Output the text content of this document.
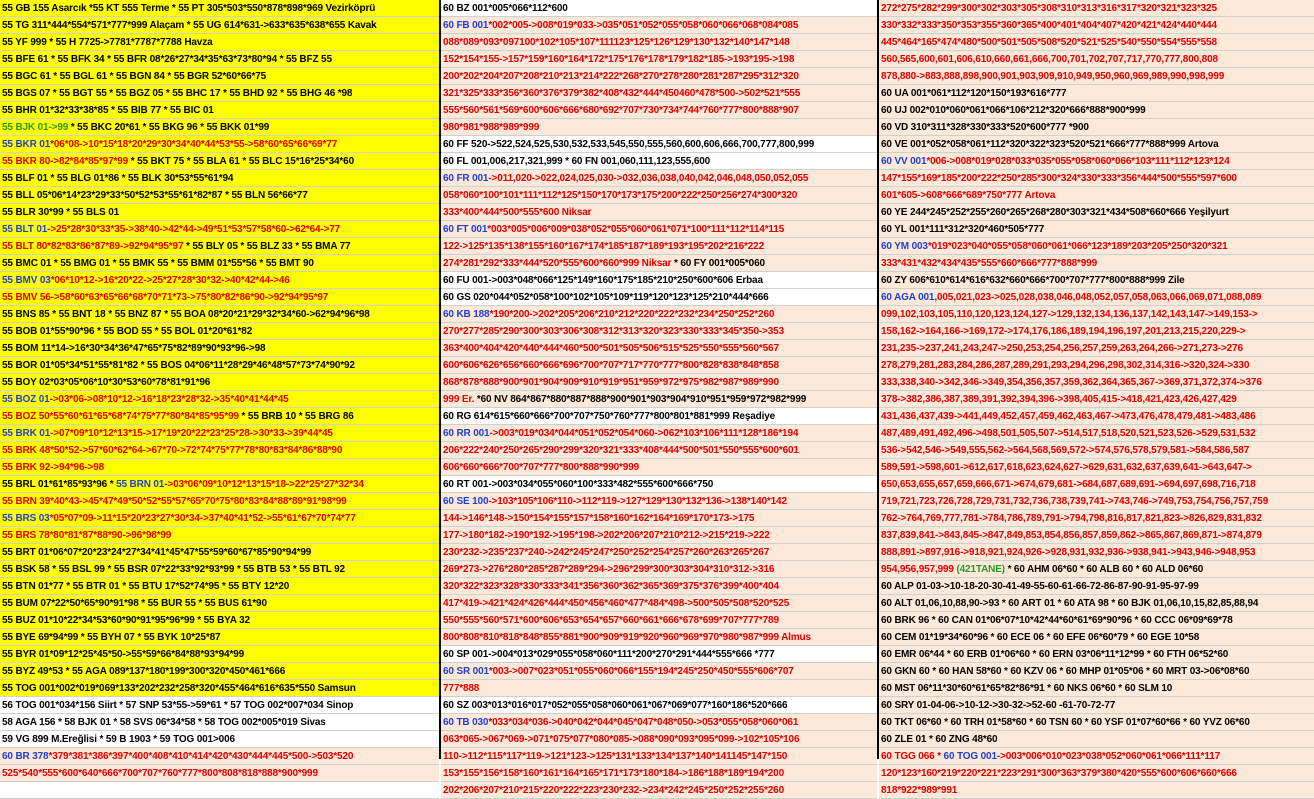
55 GB 155 Asarcık *55 KT 555 Terme * 55 PT 305*503*550*878*898*969 Vezirköprü
55 TG 311*444*554*571*777*999 Alaçam * 55 UG 614*631->633*635*638*655 Kavak
55 YF 999 * 55 H 7725->7781*7787*7788 Havza
55 BFE 61 * 55 BFK 34 * 55 BFR 08*26*27*34*35*63*73*80*94 * 55 BFZ 55
55 BGC 61 * 55 BGL 61 * 55 BGN 84 * 55 BGR 52*60*66*75
55 BGS 07 * 55 BGT 55 * 55 BGZ 05 * 55 BHC 17 * 55 BHD 92 * 55 BHG 46 *98
55 BHR 01*32*33*38*85 * 55 BIB 77 * 55 BIC 01
55 BJK 01->99 * 55 BKC 20*61 * 55 BKG 96 * 55 BKK 01*99
55 BKR 01*06*08->10*15*18*20*29*30*34*40*44*53*55->58*60*65*66*69*77
55 BKR 80->82*84*85*97*99 * 55 BKT 75 * 55 BLA 61 * 55 BLC 15*16*25*34*60
55 BLF 01 * 55 BLG 01*86 * 55 BLK 30*53*55*61*94
55 BLL 05*06*14*23*29*33*50*52*53*55*61*82*87 * 55 BLN 56*66*77
55 BLR 30*99 * 55 BLS 01
55 BLT 01->25*28*30*33*35->38*40->42*44->49*51*53*57*58*60->62*64->77
55 BLT 80*82*83*86*87*89->92*94*95*97 * 55 BLY 05 * 55 BLZ 33 * 55 BMA 77
55 BMC 01 * 55 BMG 01 * 55 BMK 55 * 55 BMM 01*55*56 * 55 BMT 90
55 BMV 03*06*10*12->16*20*22->25*27*28*30*32->40*42*44->46
55 BMV 56->58*60*63*65*66*68*70*71*73->75*80*82*86*90->92*94*95*97
55 BNS 85 * 55 BNT 18 * 55 BNZ 87 * 55 BOA 08*20*21*29*32*34*60->62*94*96*98
55 BOB 01*55*90*96 * 55 BOD 55 * 55 BOL 01*20*61*82
55 BOM 11*14->16*30*34*36*47*65*75*82*89*90*93*96->98
55 BOR 01*05*34*51*55*81*82 * 55 BOS 04*06*11*28*29*46*48*57*73*74*90*92
55 BOY 02*03*05*06*10*30*53*60*78*81*91*96
55 BOZ 01->03*06->08*10*12->16*18*23*28*32->35*40*41*44*45
55 BOZ 50*55*60*61*65*68*74*75*77*80*84*85*95*99 * 55 BRB 10 * 55 BRG 86
55 BRK 01->07*09*10*12*13*15->17*19*20*22*23*25*28->30*33->39*44*45
55 BRK 48*50*52->57*60*62*64->67*70->72*74*75*77*78*80*83*84*86*88*90
55 BRK 92->94*96->98
55 BRL 01*61*85*93*96 * 55 BRN 01->03*06*09*10*12*13*15*18->22*25*27*32*34
55 BRN 39*40*43->45*47*49*50*52*55*57*65*70*75*80*83*84*88*89*91*98*99
55 BRS 03*05*07*09->11*15*20*23*27*30*34->37*40*41*52->55*61*67*70*74*77
55 BRS 78*80*81*87*88*90->96*98*99
55 BRT 01*06*07*20*23*24*27*34*41*45*47*55*59*60*67*85*90*94*99
55 BSK 58 * 55 BSL 99 * 55 BSR 07*22*33*92*93*99 * 55 BTB 53 * 55 BTL 92
55 BTN 01*77 * 55 BTR 01 * 55 BTU 17*52*74*95 * 55 BTY 12*20
55 BUM 07*22*50*65*90*91*98 * 55 BUR 55 * 55 BUS 61*90
55 BUZ 01*10*22*34*53*60*90*91*95*96*99 * 55 BYA 32
55 BYE 69*94*99 * 55 BYH 07 * 55 BYK 10*25*87
55 BYR 01*09*12*25*45*50->55*59*66*84*88*93*94*99
55 BYZ 49*53 * 55 AGA 089*137*180*199*300*320*450*461*666
55 TOG 001*002*019*069*133*202*232*258*320*455*464*616*635*550 Samsun
56 TOG 001*034*156 Siirt * 57 SNP 53*55->59*61 * 57 TOG 002*007*034 Sinop
58 AGA 156 * 58 BJK 01 * 58 SVS 06*34*58 * 58 TOG 002*005*019 Sivas
59 VG 899 M.Ereğlisi * 59 B 1903 * 59 TOG 001>006
60 BR 378*379*381*386*397*400*408*410*414*420*430*444*445*500->503*520
525*540*555*600*640*666*700*707*760*777*800*808*818*888*900*999
60 BZ 001*005*066*112*600
60 FB 001*002*005->008*019*033->035*051*052*055*058*060*066*068*084*085
088*089*093*097100*102*105*107*111123*125*126*129*130*132*140*147*148
152*154*155->157*159*160*164*172*175*176*178*179*182*185->193*195->198
200*202*204*207*208*210*213*214*222*268*270*278*280*281*287*295*312*320
321*325*333*356*360*376*379*382*408*432*444*450460*478*500->502*521*555
555*560*561*569*600*606*666*680*692*707*730*734*744*760*777*800*888*907
980*981*988*989*999
60 FF 520->522,524,525,530,532,533,545,550,555,560,600,606,666,700,777,800,999
60 FL 001,006,217,321,999 * 60 FN 001,060,111,123,555,600
60 FR 001->011,020->022,024,025,030->032,036,038,040,042,046,048,050,052,055
058*060*100*101*111*112*125*150*170*173*175*200*222*250*256*274*300*320
333*400*444*500*555*600 Niksar
60 FT 001*003*005*006*009*038*052*055*060*061*071*100*111*112*114*115
122->125*135*138*155*160*167*174*185*187*189*193*195*202*216*222
274*281*292*333*444*520*555*600*660*999 Niksar * 60 FY 001*005*060
60 FU 001->003*048*066*125*149*160*175*185*210*250*600*606 Erbaa
60 GS 020*044*052*058*100*102*105*109*119*120*123*125*210*444*666
60 KB 188*190*200->202*205*206*210*212*220*222*232*234*250*252*260
270*277*285*290*300*303*306*308*312*313*320*323*330*333*345*350->353
363*400*404*420*440*444*460*500*501*505*506*515*525*550*555*560*567
600*606*626*656*660*666*696*700*707*717*770*777*800*828*838*848*858
868*878*888*900*901*904*909*910*919*951*959*972*975*982*987*989*990
999 Er. *60 NV 864*867*880*887*888*900*901*903*904*910*951*959*972*982*999
60 RG 614*615*660*666*700*707*750*760*777*800*801*881*999 Reşadiye
60 RR 001->003*019*034*044*051*052*054*060->062*103*106*111*128*186*194
206*222*240*250*265*290*299*320*321*333*408*444*500*501*550*555*600*601
606*660*666*700*707*777*800*888*990*999
60 RT 001->003*034*055*060*100*333*482*555*600*666*750
60 SE 100->103*105*106*110->112*119->127*129*130*132*136->138*140*142
144->146*148->150*154*155*157*158*160*162*164*169*170*173->175
177->180*182->190*192->195*198->202*206*207*210*212->215*219->222
230*232->235*237*240->242*245*247*250*252*254*257*260*263*265*267
269*273->276*280*285*287*289*294->296*299*300*303*304*310*312->316
320*322*323*328*330*333*341*356*360*362*365*369*375*376*399*400*404
417*419->421*424*426*444*450*456*460*477*484*498->500*505*508*520*525
550*555*560*571*600*606*653*654*657*660*661*666*678*699*707*777*789
800*808*810*818*848*855*881*900*909*919*920*960*969*970*980*987*999 Almus
60 SP 001->004*013*029*055*058*060*111*200*270*291*444*555*666 *777
60 SR 001*003->007*023*051*055*060*066*155*194*245*250*450*555*606*707
777*888
60 SZ 003*013*016*017*052*055*058*060*061*067*069*077*160*186*520*666
60 TB 030*033*034*036->040*042*044*045*047*048*050->053*055*058*060*061
063*065->067*069->071*075*077*080*085->088*090*093*095*099->102*105*106
110->112*115*117*119->121*123->125*131*133*134*137*140*141145*147*150
153*155*156*158*160*161*164*165*171*173*180*184->186*188*189*194*200
202*206*207*210*215*220*222*223*230*232->234*242*245*250*252*255*260
272*275*282*299*300*302*303*305*308*310*313*316*317*320*321*323*325
330*332*333*350*353*355*360*365*400*401*404*407*420*421*424*440*444
445*464*165*474*480*500*501*505*508*520*521*525*540*550*554*555*558
560,565,600,601,606,610,660,661,666,700,701,702,707,717,770,777,800,808
878,880->883,888,898,900,901,903,909,910,949,950,960,969,989,990,998,999
60 UA 001*061*112*120*150*193*616*777
60 UJ 002*010*060*061*066*106*212*320*666*888*900*999
60 VD 310*311*328*330*333*520*600*777 *900
60 VE 001*052*058*061*112*320*322*323*520*521*666*777*888*999 Artova
60 VV 001*006->008*019*028*033*035*055*058*060*066*103*111*112*123*124
147*155*169*185*200*222*250*285*300*324*330*333*356*444*500*555*597*600
601*605->608*666*689*750*777 Artova
60 YE 244*245*252*255*260*265*268*280*303*321*434*508*660*666 Yeşilyurt
60 YL 001*111*312*320*460*505*777
60 YM 003*019*023*040*055*058*060*061*066*123*189*203*205*250*320*321
333*431*432*434*435*555*660*666*777*888*999
60 ZY 606*610*614*616*632*660*666*700*707*777*800*888*999 Zile
60 AGA 001,005,021,023->025,028,038,046,048,052,057,058,063,066,069,071,088,089
099,102,103,105,110,120,123,124,127->129,132,134,136,137,142,143,147->149,153->
158,162->164,166->169,172->174,176,186,189,194,196,197,201,213,215,220,229->
231,235->237,241,243,247->250,253,254,256,257,259,263,264,266->271,273->276
278,279,281,283,284,286,287,289,291,293,294,296,298,302,314,316->320,324->330
333,338,340->342,346->349,354,356,357,359,362,364,365,367->369,371,372,374->376
378->382,386,387,389,391,392,394,396->398,405,415->418,421,423,426,427,429
431,436,437,439->441,449,452,457,459,462,463,467->473,476,478,479,481->483,486
487,489,491,492,496->498,501,505,507->514,517,518,520,521,523,526->529,531,532
536->542,546->549,555,562->564,568,569,572->574,576,578,579,581->584,586,587
589,591->598,601->612,617,618,623,624,627->629,631,632,637,639,641->643,647->
650,653,655,657,659,666,671->674,679,681->684,687,689,691->694,697,698,716,718
719,721,723,726,728,729,731,732,736,738,739,741->743,746->749,753,754,756,757,759
762->764,769,777,781->784,786,789,791->794,798,816,817,821,823->826,829,831,832
837,839,841->843,845->847,849,853,854,856,857,859,862->865,867,869,871->874,879
888,891->897,916->918,921,924,926->928,931,932,936->938,941->943,946->948,953
954,956,957,999 (421TANE) * 60 AHM 06*60 * 60 ALB 60 * 60 ALD 06*60
60 ALP 01-03->10-18-20-30-41-49-55-60-61-66-72-86-87-90-91-95-97-99
60 ALT 01,06,10,88,90->93 * 60 ART 01 * 60 ATA 98 * 60 BJK 01,06,10,15,82,85,88,94
60 BRK 96 * 60 CAN 01*06*07*10*42*44*60*61*69*90*96 * 60 CCC 06*09*69*78
60 CEM 01*19*34*60*96 * 60 ECE 06 * 60 EFE 06*60*79 * 60 EGE 10*58
60 EMR 06*44 * 60 ERB 01*06*60 * 60 ERN 03*06*11*12*99 * 60 FTH 06*52*60
60 GKN 60 * 60 HAN 58*60 * 60 KZV 06 * 60 MHP 01*05*06 * 60 MRT 03->06*08*60
60 MST 06*11*30*60*61*65*82*86*91 * 60 NKS 06*60 * 60 SLM 10
60 SRY 01-04-06->10-12->30-32->52-60 -61-70-72-77
60 TKT 06*60 * 60 TRH 01*58*60 * 60 TSN 60 * 60 YSF 01*07*60*66 * 60 YVZ 06*60
60 ZLE 01 * 60 ZNG 48*60
60 TGG 066 * 60 TOG 001->003*006*010*023*038*052*060*061*066*111*117
120*123*160*219*220*221*223*291*300*363*379*380*420*555*600*606*660*666
818*922*989*991
